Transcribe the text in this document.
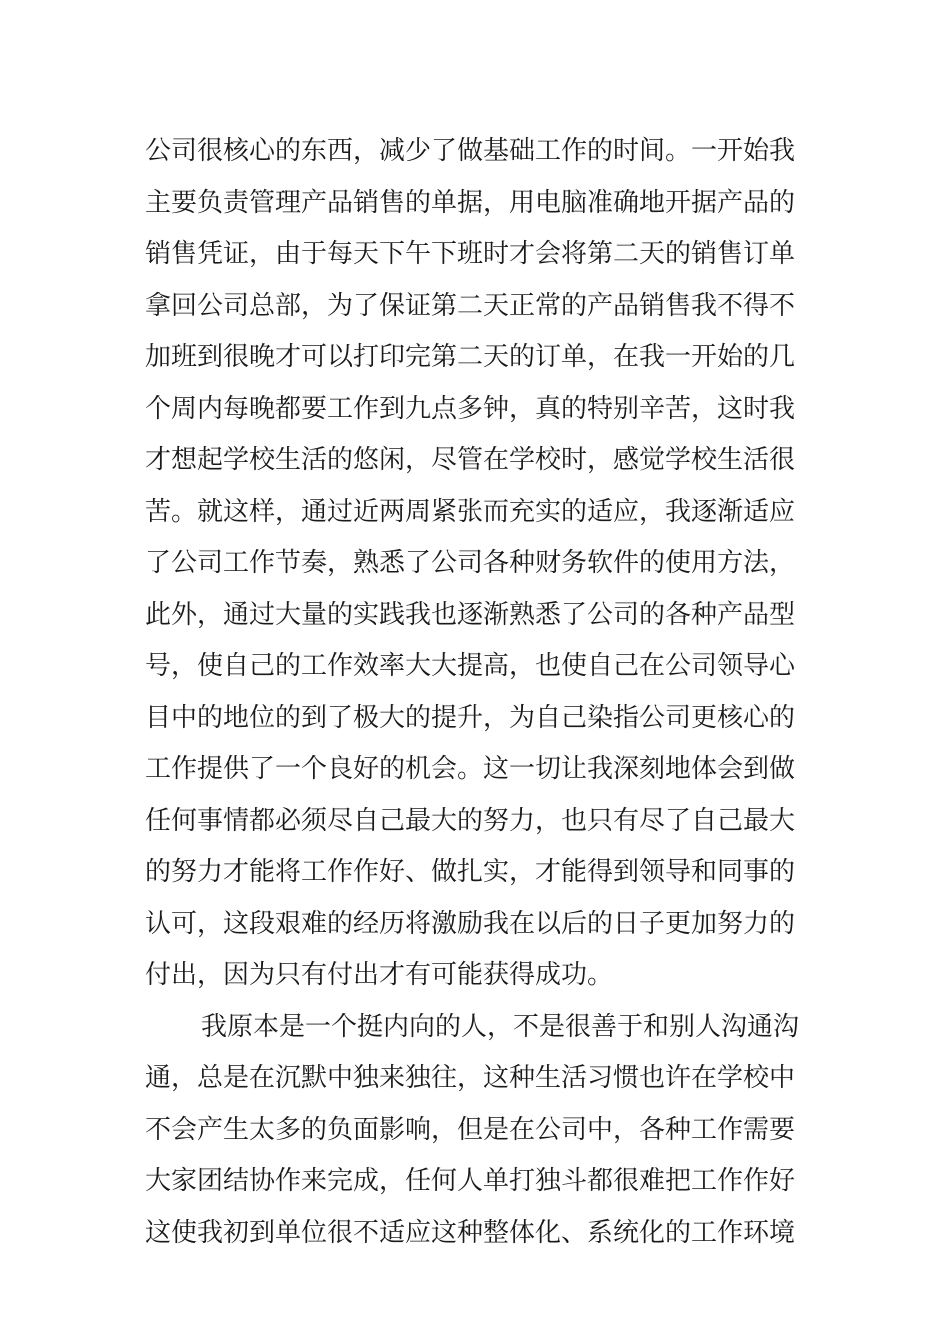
公司很核心的东西，减少了做基础工作的时间。一开始我
主要负责管理产品销售的单据，用电脑准确地开据产品的
销售凭证，由于每天下午下班时才会将第二天的销售订单
拿回公司总部，为了保证第二天正常的产品销售我不得不
加班到很晚才可以打印完第二天的订单，在我一开始的几
个周内每晚都要工作到九点多钟，真的特别辛苦，这时我
才想起学校生活的悠闲，尽管在学校时，感觉学校生活很
苦。就这样，通过近两周紧张而充实的适应，我逐渐适应
了公司工作节奏，熟悉了公司各种财务软件的使用方法，
此外，通过大量的实践我也逐渐熟悉了公司的各种产品型
号，使自己的工作效率大大提高，也使自己在公司领导心
目中的地位的到了极大的提升，为自己染指公司更核心的
工作提供了一个良好的机会。这一切让我深刻地体会到做
任何事情都必须尽自己最大的努力，也只有尽了自己最大
的努力才能将工作作好、做扎实，才能得到领导和同事的
认可，这段艰难的经历将激励我在以后的日子更加努力的
付出，因为只有付出才有可能获得成功。
我原本是一个挺内向的人，不是很善于和别人沟通沟
通，总是在沉默中独来独往，这种生活习惯也许在学校中
不会产生太多的负面影响，但是在公司中，各种工作需要
大家团结协作来完成，任何人单打独斗都很难把工作作好
这使我初到单位很不适应这种整体化、系统化的工作环境
